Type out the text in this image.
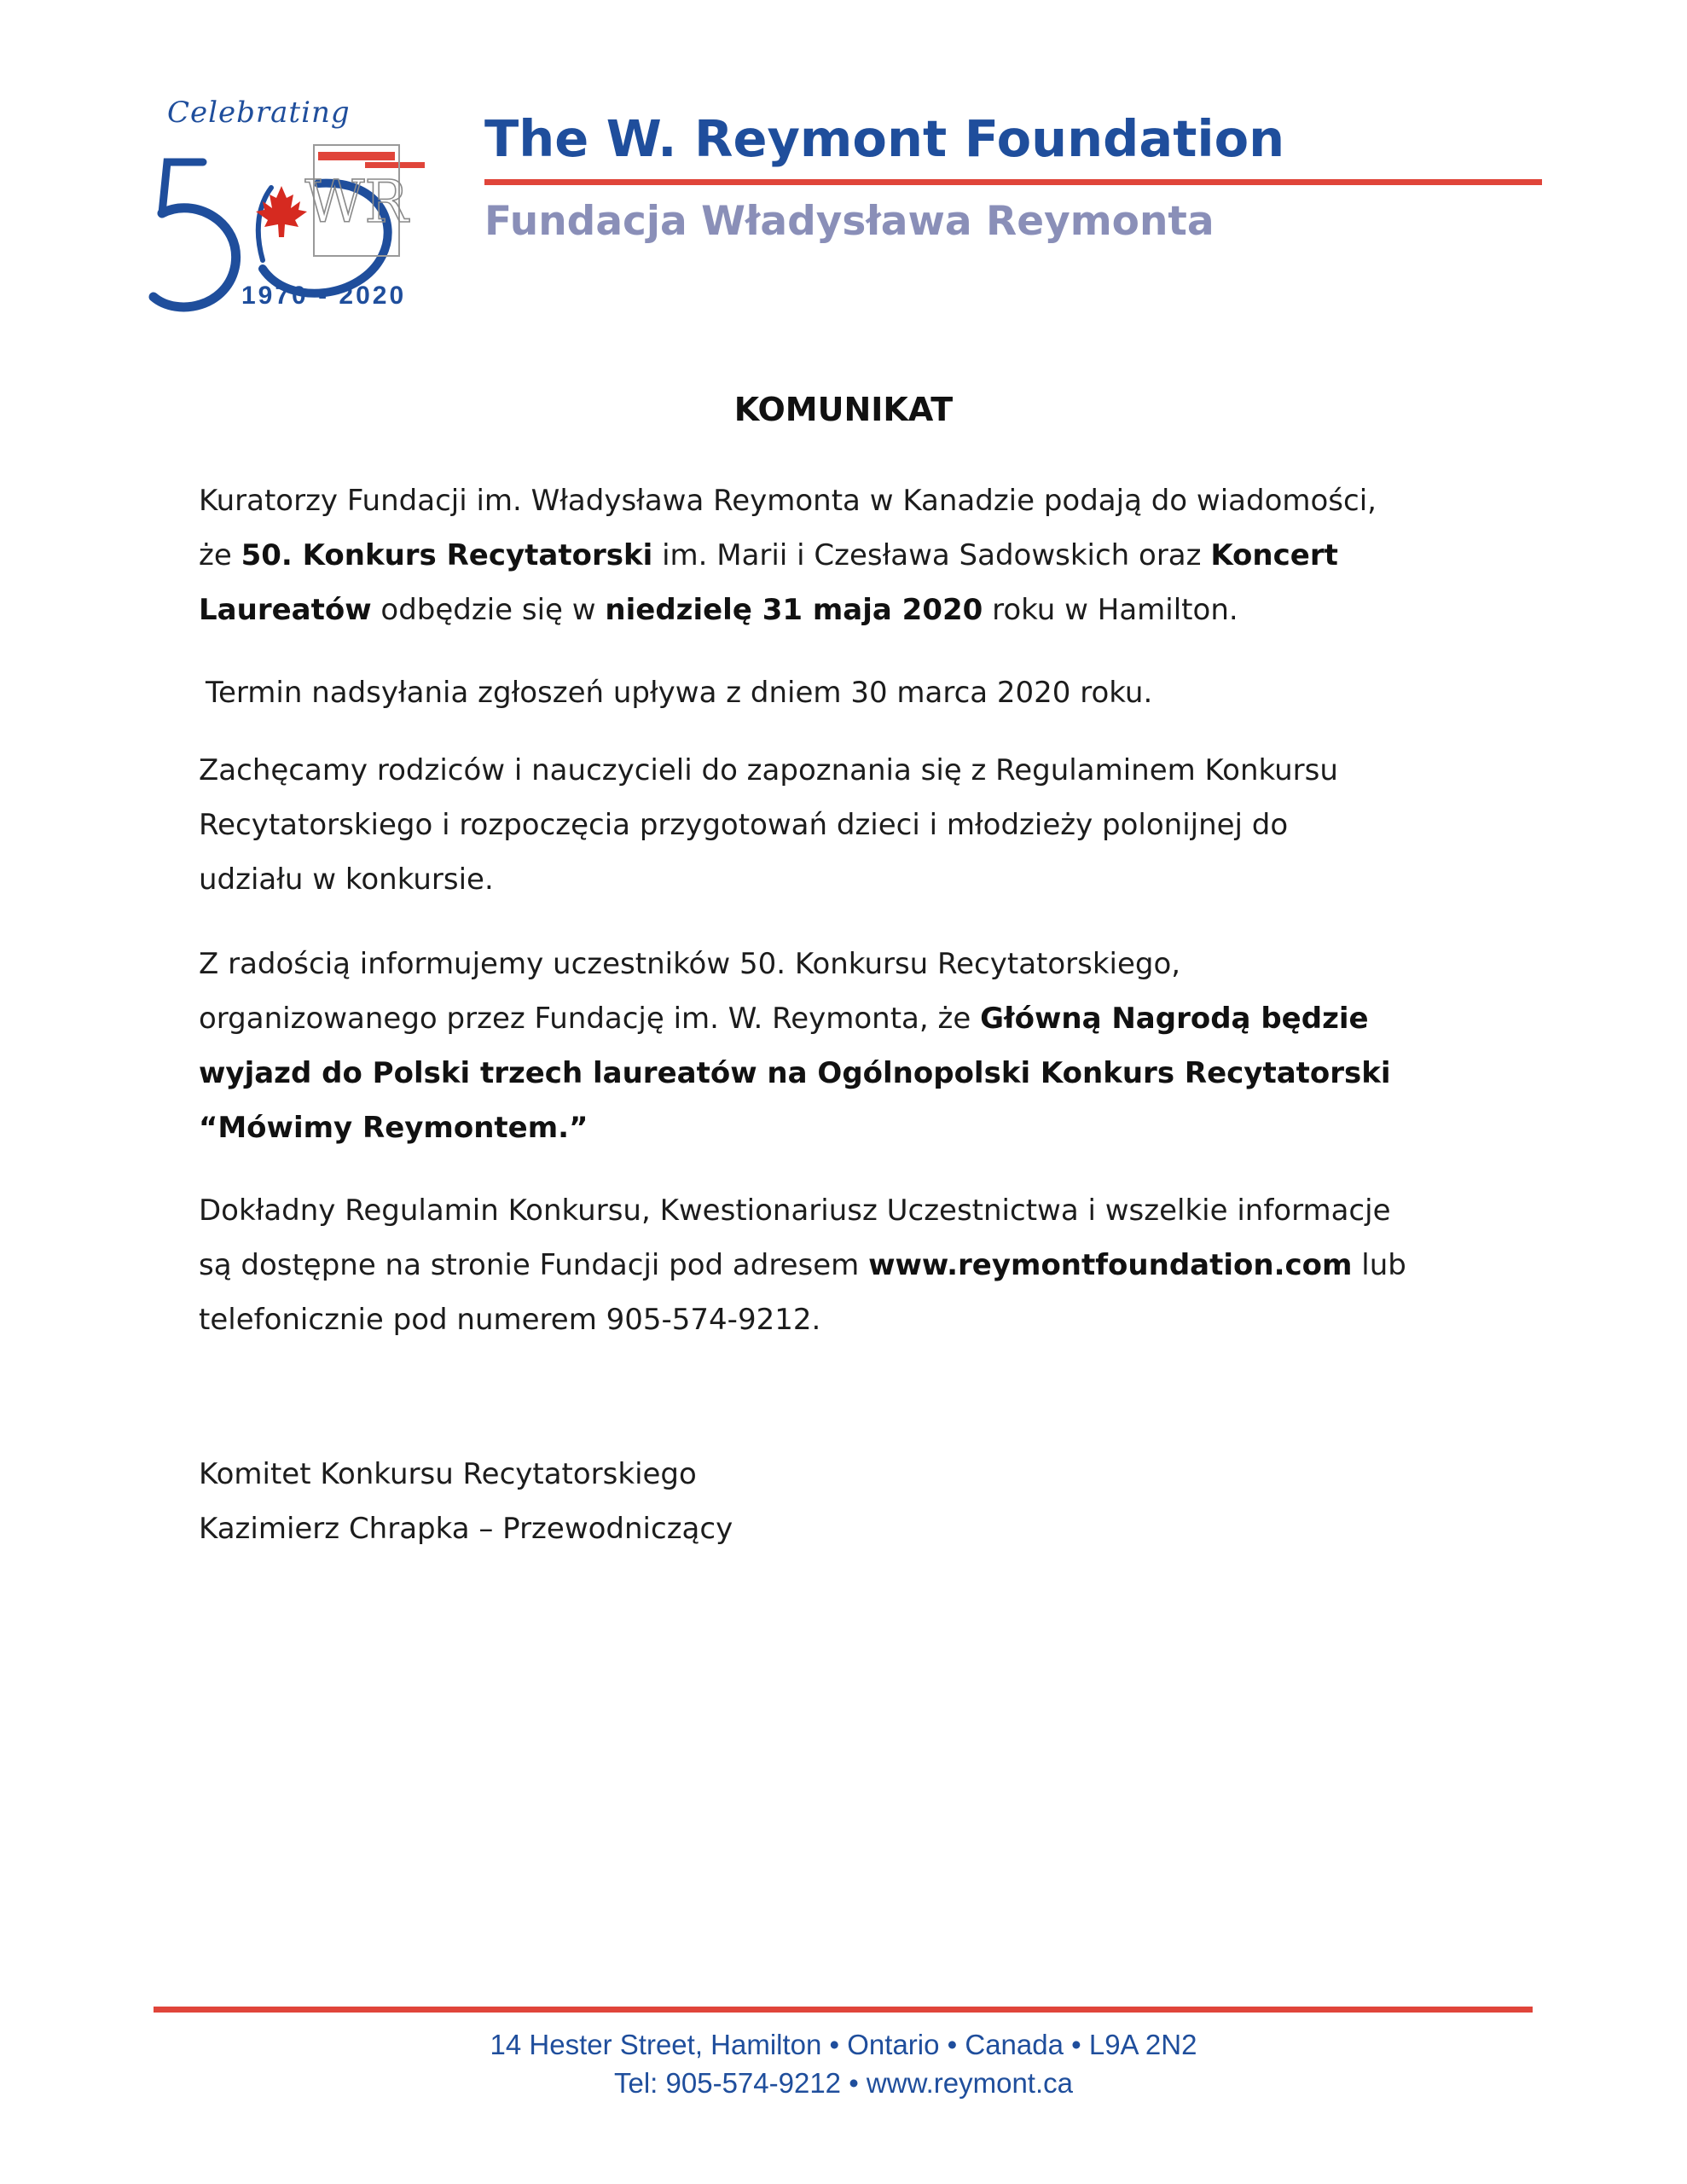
Celebrating
WR
1970 - 2020
The W. Reymont Foundation
Fundacja Władysława Reymonta
KOMUNIKAT

Kuratorzy Fundacji im. Władysława Reymonta w Kanadzie podają do wiadomości,

że 50. Konkurs Recytatorski im. Marii i Czesława Sadowskich oraz Koncert

Laureatów odbędzie się w niedzielę 31 maja 2020 roku w Hamilton.

Termin nadsyłania zgłoszeń upływa z dniem 30 marca 2020 roku.

Zachęcamy rodziców i nauczycieli do zapoznania się z Regulaminem Konkursu

Recytatorskiego i rozpoczęcia przygotowań dzieci i młodzieży polonijnej do

udziału w konkursie.

Z radością informujemy uczestników 50. Konkursu Recytatorskiego,

organizowanego przez Fundację im. W. Reymonta, że Główną Nagrodą będzie

wyjazd do Polski trzech laureatów na Ogólnopolski Konkurs Recytatorski

“Mówimy Reymontem.”

Dokładny Regulamin Konkursu, Kwestionariusz Uczestnictwa i wszelkie informacje

są dostępne na stronie Fundacji pod adresem www.reymontfoundation.com lub

telefonicznie pod numerem 905-574-9212.

Komitet Konkursu Recytatorskiego

Kazimierz Chrapka – Przewodniczący

14 Hester Street, Hamilton • Ontario • Canada • L9A 2N2
Tel: 905-574-9212 • www.reymont.ca
